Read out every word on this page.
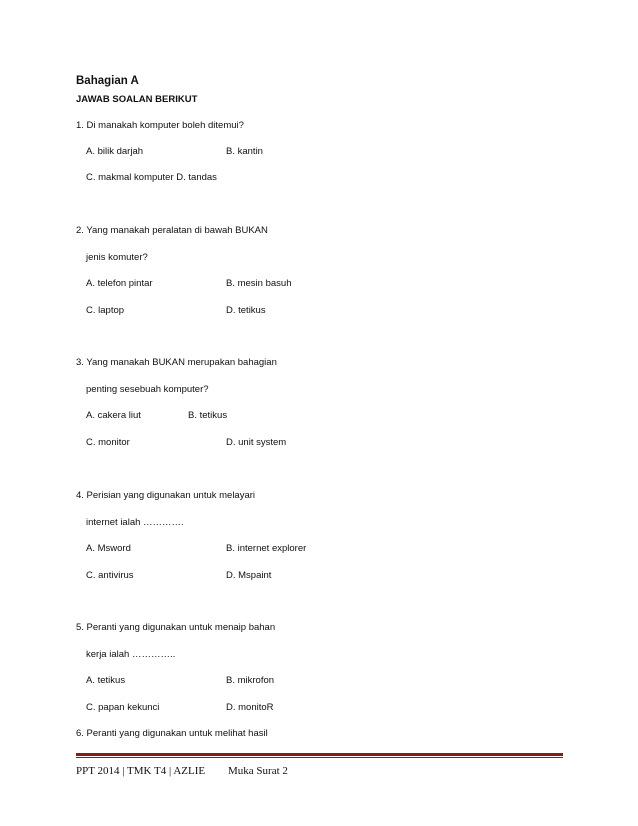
Bahagian A
JAWAB SOALAN BERIKUT
1. Di manakah komputer boleh ditemui?
A. bilik darjah	B. kantin
C. makmal komputer D. tandas
2. Yang manakah peralatan di bawah BUKAN
jenis komuter?
A. telefon pintar	B. mesin basuh
C. laptop	D. tetikus
3. Yang manakah BUKAN merupakan bahagian
penting sesebuah komputer?
A. cakera liut	B. tetikus
C. monitor	D. unit system
4. Perisian yang digunakan untuk melayari
internet ialah ………….
A. Msword	B. internet explorer
C. antivirus	D. Mspaint
5. Peranti yang digunakan untuk menaip bahan
kerja ialah …………..
A. tetikus	B. mikrofon
C. papan kekunci	D. monitoR
6. Peranti yang digunakan untuk melihat hasil
PPT 2014 | TMK T4 | AZLIE Muka Surat 2
